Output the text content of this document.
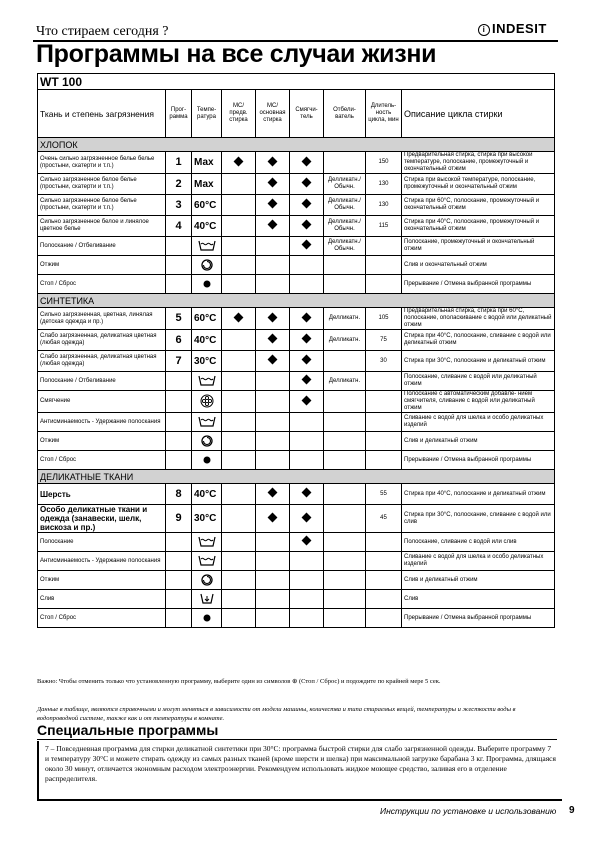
Что стираем сегодня ?	i INDESIT
Программы на все случаи жизни
WT 100								
Ткань и степень загрязнения	Прог- рамма	Темпе- ратура	МС/ предв. стирка	МС/ основная стирка	Смягчи- тель	Отбели- ватель	Длитель- ность цикла, мин	Описание цикла стирки
ХЛОПОК								
Очень сильно загрязненное белье белье (простыни, скатерти и т.п.)	1	Мах					150	Предварительная стирка, стирка при высокой температуре, полоскание, промежуточный и окончательный отжим
Сильно загрязненное белое белье (простыни, скатерти и т.п.)	2	Мах				Делликатн./ Обычн.	130	Стирка при высокой температуре, полоскание, промежуточный и окончательный отжим
Сильно загрязненное белое белье (простыни, скатерти и т.п.)	3	60°C				Делликатн./ Обычн.	130	Стирка при 60°C, полоскание, промежуточный и окончательный отжим
Сильно загрязненное белое и линялое цветное белье	4	40°C				Делликатн./ Обычн.	115	Стирка при 40°C, полоскание, промежуточный и окончательный отжим
Полоскание / Отбеливание						Делликатн./ Обычн.		Полоскание, промежуточный и окончательный отжим
Отжим								Слив и окончательный отжим
Стоп / Сброс								Прерывание / Отмена выбранной программы
СИНТЕТИКА								
Сильно загрязненная, цветная, линялая (детская одежда и пр.)	5	60°C				Делликатн.	105	Предварительная стирка, стирка при 60°C, полоскание, ополаскивание с водой или деликатный отжим
Слабо загрязненная, деликатная цветная (любая одежда)	6	40°C				Делликатн.	75	Стирка при 40°C, полоскание, сливание с водой или деликатный отжим
Слабо загрязненная, деликатная цветная (любая одежда)	7	30°C					30	Стирка при 30°C, полоскание и деликатный отжим
Полоскание / Отбеливание						Делликатн.		Полоскание, сливание с водой или деликатный отжим
Смягчение								Полоскание с автоматическим добавле- нием смягчителя, сливание с водой или деликатный отжим
Антисминаемость - Удержание полоскания								Сливание с водой для шелка и особо деликатных изделий
Отжим								Слив и деликатный отжим
Стоп / Сброс								Прерывание / Отмена выбранной программы
ДЕЛИКАТНЫЕ ТКАНИ								
Шерсть	8	40°C					55	Стирка при 40°C, полоскание и деликатный отжим
Особо деликатные ткани и одежда (занавески, шелк, вискоза и пр.)	9	30°C					45	Стирка при 30°C, полоскание, сливание с водой или слив
Полоскание								Полоскание, сливание с водой или слив
Антисминаемость - Удержание полоскания								Сливание с водой для шелка и особо деликатных изделий
Отжим								Слив и деликатный отжим
Слив								Слив
Стоп / Сброс								Прерывание / Отмена выбранной программы
Важно: Чтобы отменить только что установленную программу, выберите один из символов ⊕ (Стоп / Сброс) и подождите по крайней мере 5 сек.
Данные в таблице, являются справочными и могут меняться в зависимости от модели машины, количества и типа стираемых вещей, температуры и жесткости воды в водопроводной системе, также как и от температуры в комнате.
Специальные программы
7 – Повседневная программа для стирки деликатной синтетики при 30°C: программа быстрой стирки для слабо загрязненной одежды. Выберите программу 7 и температуру 30°C и можете стирать одежду из самых разных тканей (кроме шерсти и шелка) при максимальной загрузке барабана 3 кг. Программа, длящаяся около 30 минут, отличается экономным расходом электроэнергии. Рекомендуем использовать жидкое моющее средство, заливая его в отделение распределителя.
Инструкции по установке и использованию 9
